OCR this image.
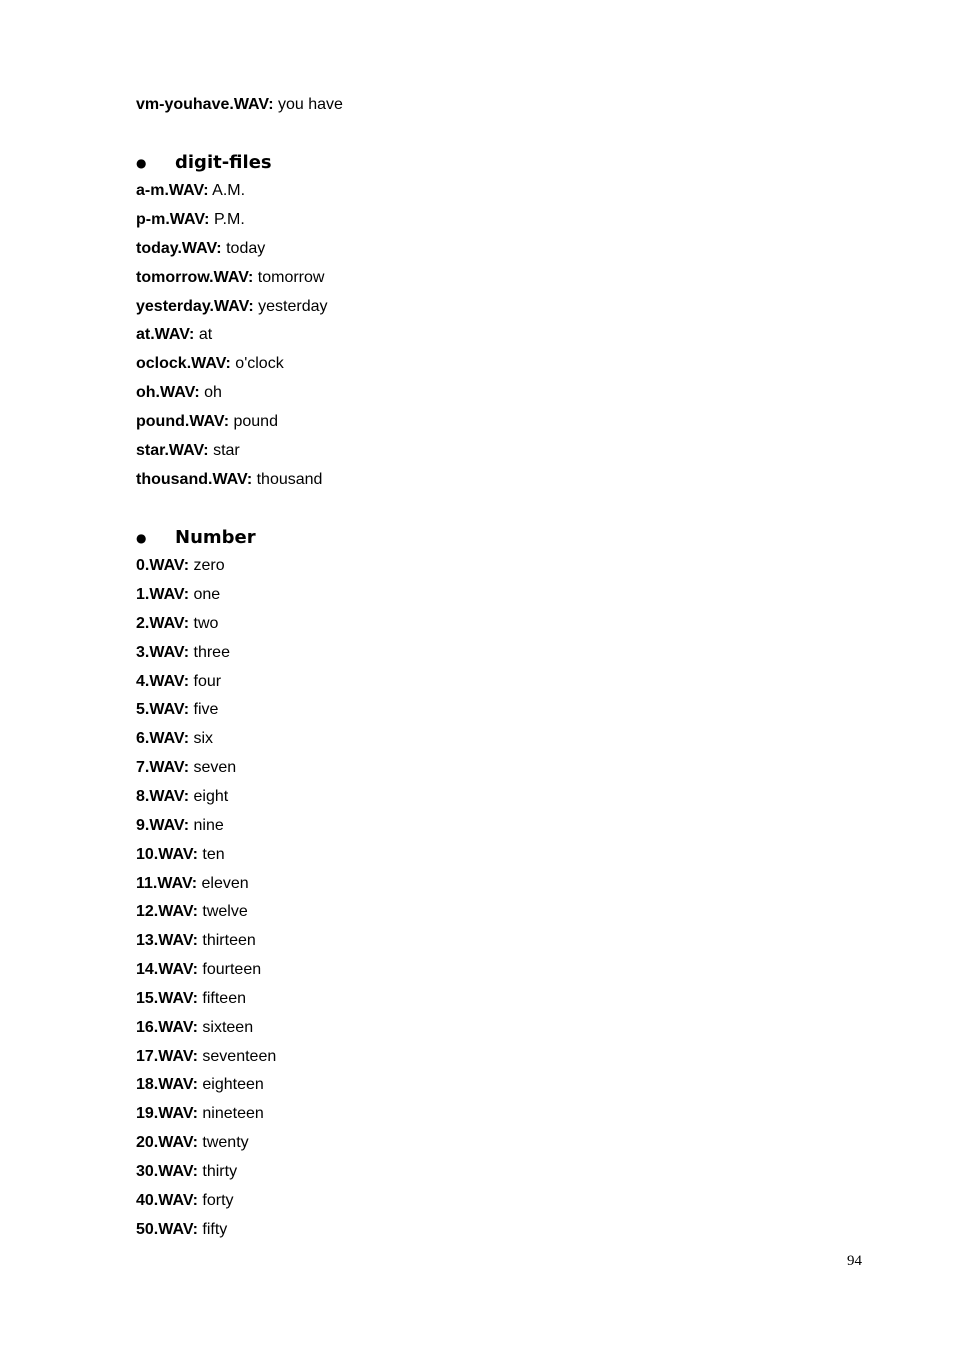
vm-youhave.WAV: you have
● digit-files
a-m.WAV: A.M.
p-m.WAV: P.M.
today.WAV: today
tomorrow.WAV: tomorrow
yesterday.WAV: yesterday
at.WAV: at
oclock.WAV: o'clock
oh.WAV: oh
pound.WAV: pound
star.WAV: star
thousand.WAV: thousand
● Number
0.WAV: zero
1.WAV: one
2.WAV: two
3.WAV: three
4.WAV: four
5.WAV: five
6.WAV: six
7.WAV: seven
8.WAV: eight
9.WAV: nine
10.WAV: ten
11.WAV: eleven
12.WAV: twelve
13.WAV: thirteen
14.WAV: fourteen
15.WAV: fifteen
16.WAV: sixteen
17.WAV: seventeen
18.WAV: eighteen
19.WAV: nineteen
20.WAV: twenty
30.WAV: thirty
40.WAV: forty
50.WAV: fifty
94
